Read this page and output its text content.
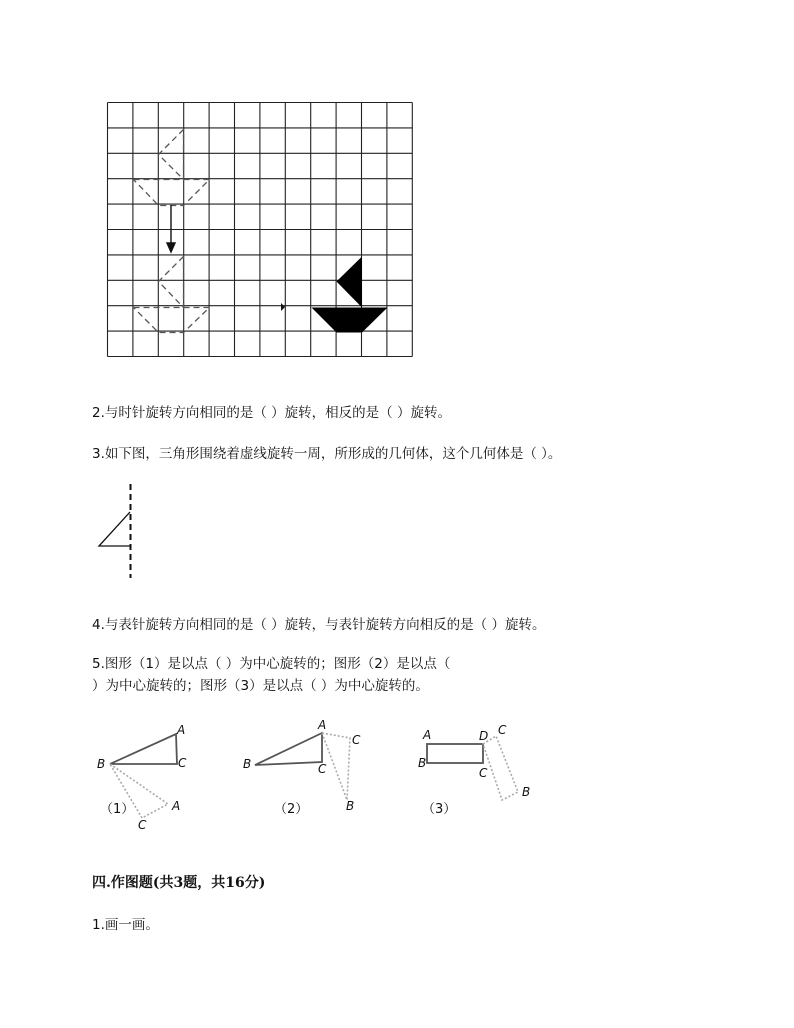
2.与时针旋转方向相同的是（ ）旋转，相反的是（ ）旋转。
3.如下图，三角形围绕着虚线旋转一周，所形成的几何体，这个几何体是（ ）。
4.与表针旋转方向相同的是（ ）旋转，与表针旋转方向相反的是（ ）旋转。
5.图形（1）是以点（ ）为中心旋转的；图形（2）是以点（
）为中心旋转的；图形（3）是以点（ ）为中心旋转的。
A
B	C
A
C
（1）
A
B	C
C
B
（2）
A	D
B
C
C
B
（3）
四.作图题(共3题，共16分)
1.画一画。
